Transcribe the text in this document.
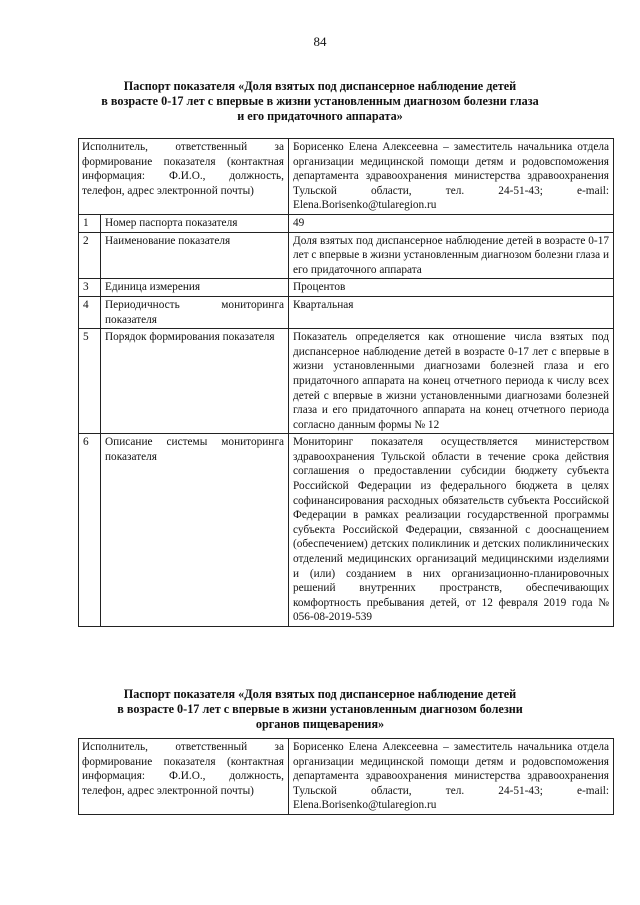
84
Паспорт показателя «Доля взятых под диспансерное наблюдение детей
в возрасте 0-17 лет с впервые в жизни установленным диагнозом болезни глаза
и его придаточного аппарата»
Исполнитель, ответственный за формирование показателя (контактная информация: Ф.И.О., должность, телефон, адрес электронной почты)		Борисенко Елена Алексеевна – заместитель начальника отдела организации медицинской помощи детям и родовспоможения департамента здравоохранения министерства здравоохранения Тульской области, тел. 24-51-43; e-mail: Elena.Borisenko@tularegion.ru
1	Номер паспорта показателя	49
2	Наименование показателя	Доля взятых под диспансерное наблюдение детей в возрасте 0-17 лет с впервые в жизни установленным диагнозом болезни глаза и его придаточного аппарата
3	Единица измерения	Процентов
4	Периодичность мониторинга показателя	Квартальная
5	Порядок формирования показателя	Показатель определяется как отношение числа взятых под диспансерное наблюдение детей в возрасте 0-17 лет с впервые в жизни установленными диагнозами болезней глаза и его придаточного аппарата на конец отчетного периода к числу всех детей с впервые в жизни установленными диагнозами болезней глаза и его придаточного аппарата на конец отчетного периода согласно данным формы № 12
6	Описание системы мониторинга показателя	Мониторинг показателя осуществляется министерством здравоохранения Тульской области в течение срока действия соглашения о предоставлении субсидии бюджету субъекта Российской Федерации из федерального бюджета в целях софинансирования расходных обязательств субъекта Российской Федерации в рамках реализации государственной программы субъекта Российской Федерации, связанной с дооснащением (обеспечением) детских поликлиник и детских поликлинических отделений медицинских организаций медицинскими изделиями и (или) созданием в них организационно-планировочных решений внутренних пространств, обеспечивающих комфортность пребывания детей, от 12 февраля 2019 года № 056-08-2019-539
Паспорт показателя «Доля взятых под диспансерное наблюдение детей
в возрасте 0-17 лет с впервые в жизни установленным диагнозом болезни
органов пищеварения»
Исполнитель, ответственный за формирование показателя (контактная информация: Ф.И.О., должность, телефон, адрес электронной почты)	Борисенко Елена Алексеевна – заместитель начальника отдела организации медицинской помощи детям и родовспоможения департамента здравоохранения министерства здравоохранения Тульской области, тел. 24-51-43; e-mail: Elena.Borisenko@tularegion.ru
